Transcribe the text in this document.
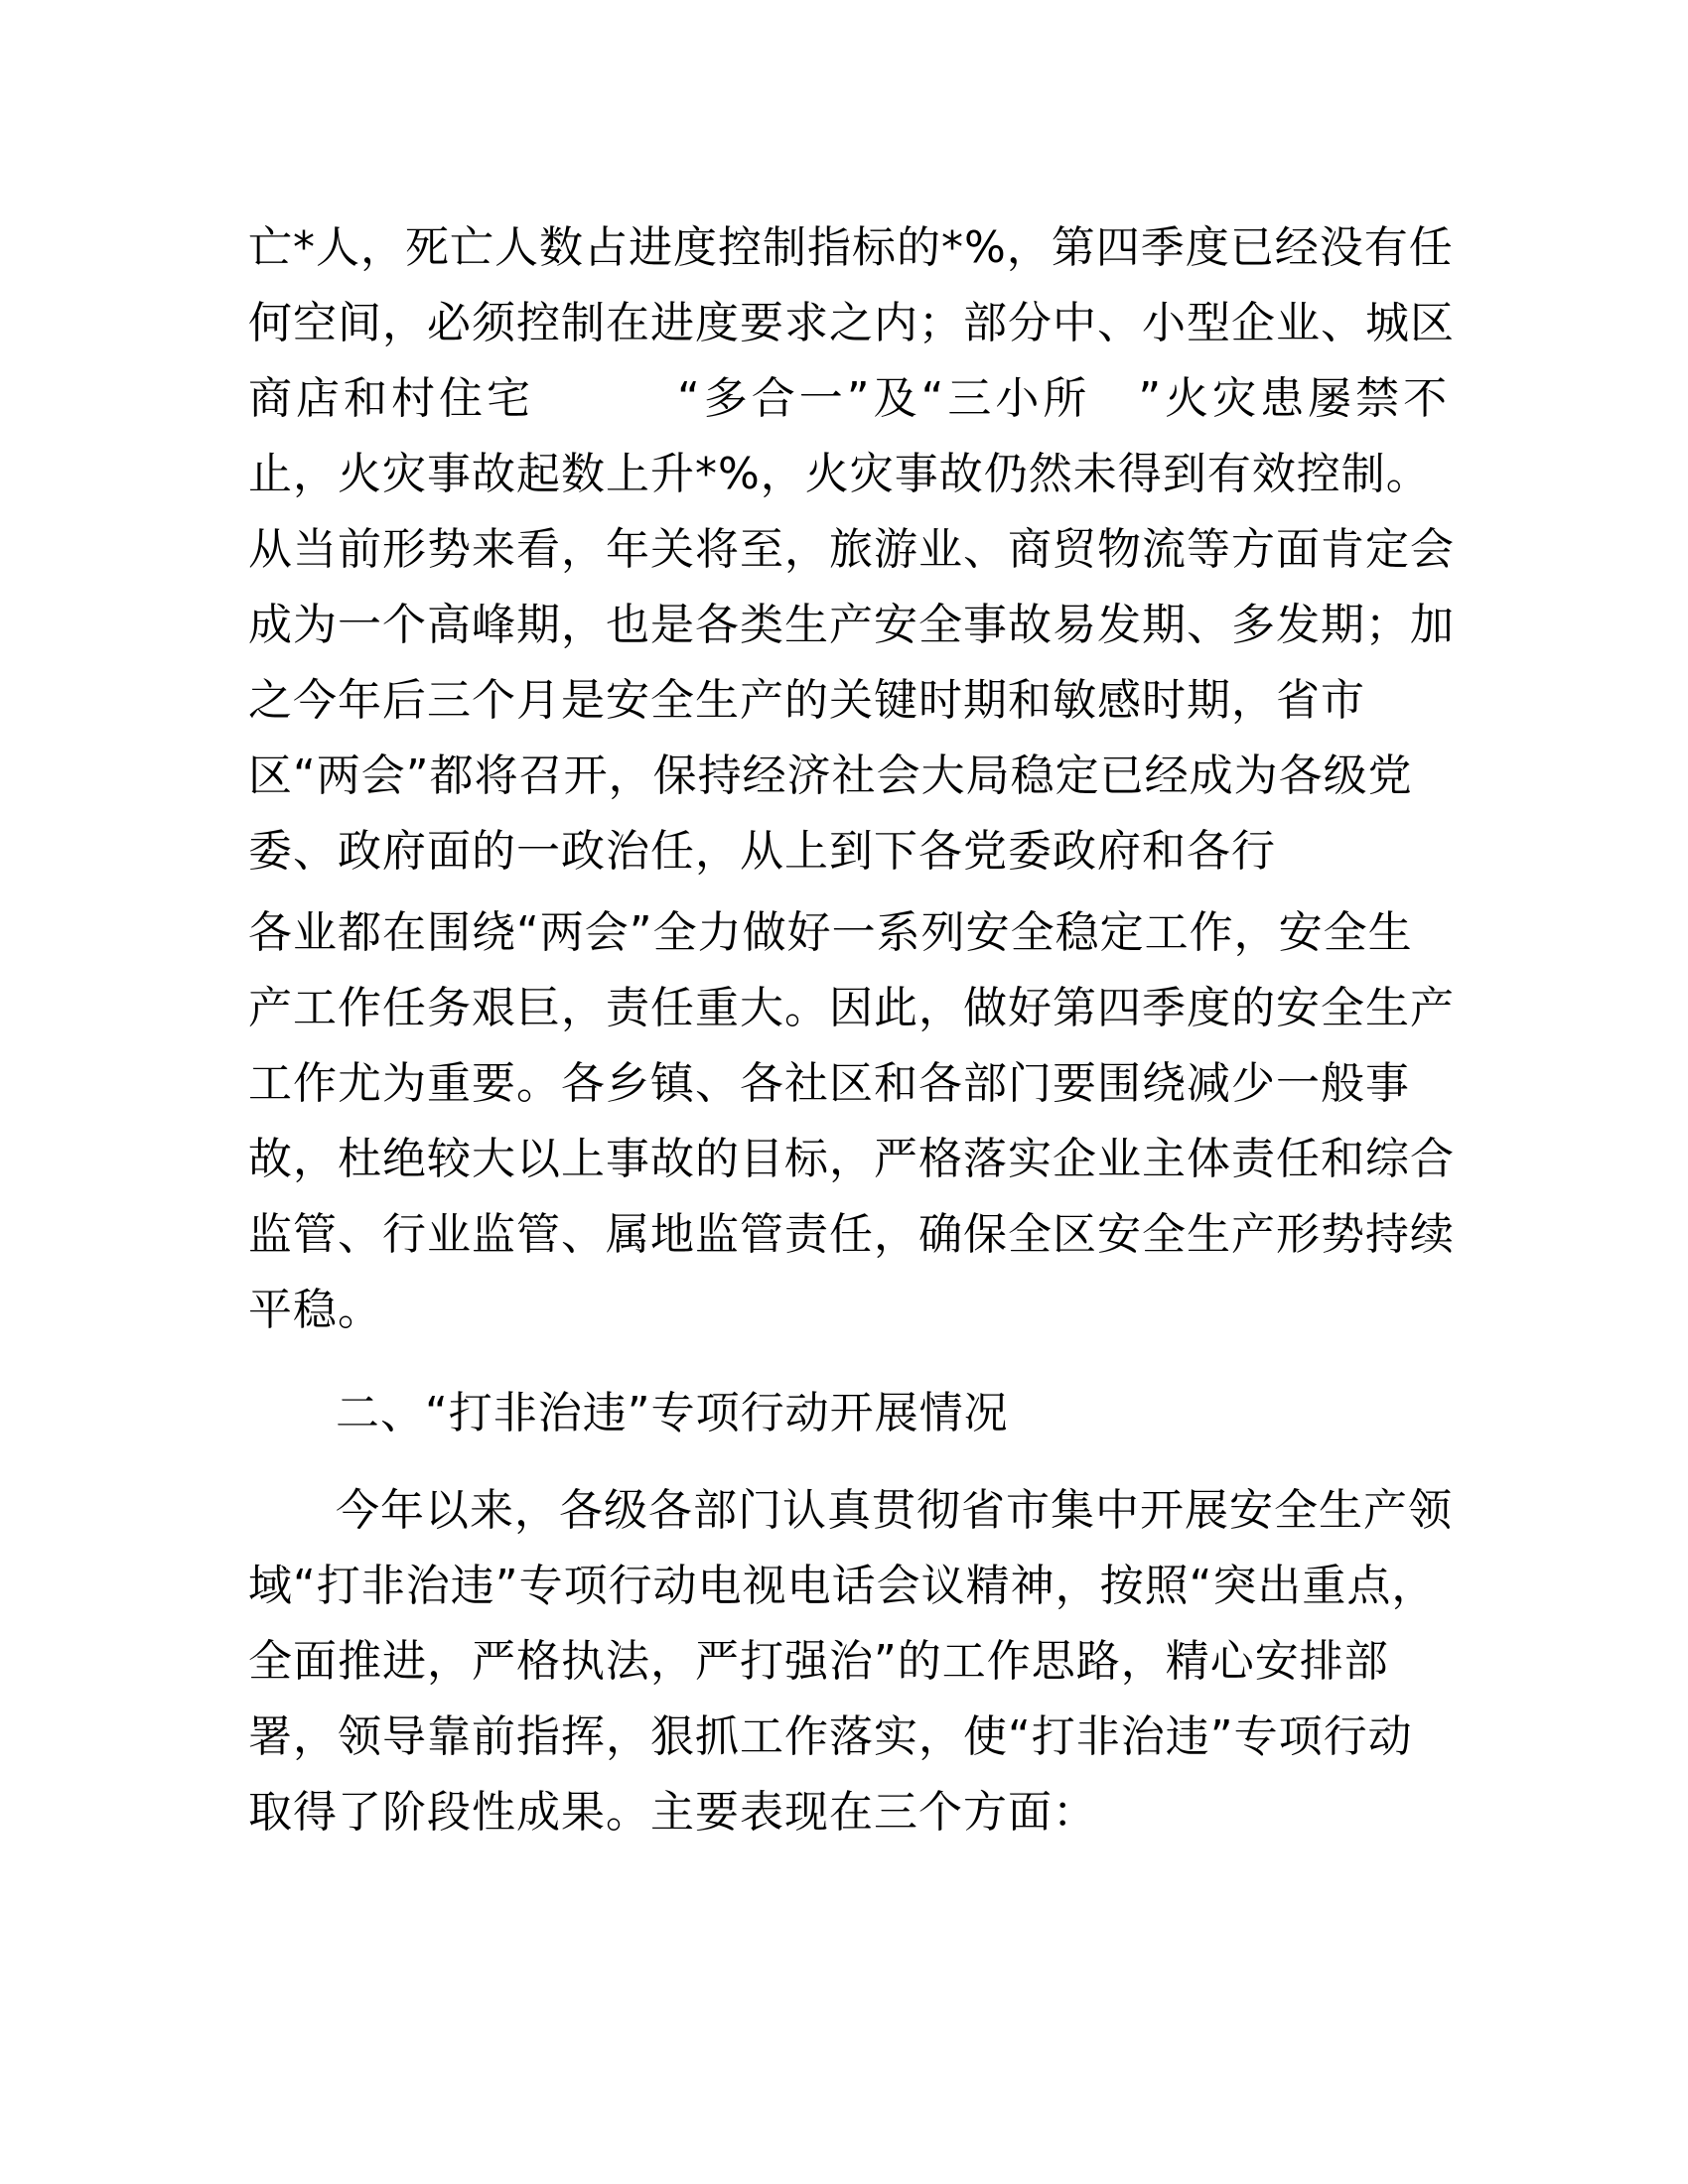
亡*人，死亡人数占进度控制指标的*%，第四季度已经没有任
何空间，必须控制在进度要求之内；部分中、小型企业、城区
商店和村住宅　　　“多合一”及“三小所　”火灾患屡禁不
止，火灾事故起数上升*%，火灾事故仍然未得到有效控制。
从当前形势来看，年关将至，旅游业、商贸物流等方面肯定会
成为一个高峰期，也是各类生产安全事故易发期、多发期；加
之今年后三个月是安全生产的关键时期和敏感时期，省市
区“两会”都将召开，保持经济社会大局稳定已经成为各级党
委、政府面的一政治任，从上到下各党委政府和各行
各业都在围绕“两会”全力做好一系列安全稳定工作，安全生
产工作任务艰巨，责任重大。因此，做好第四季度的安全生产
工作尤为重要。各乡镇、各社区和各部门要围绕减少一般事
故，杜绝较大以上事故的目标，严格落实企业主体责任和综合
监管、行业监管、属地监管责任，确保全区安全生产形势持续
平稳。
二、“打非治违”专项行动开展情况
今年以来，各级各部门认真贯彻省市集中开展安全生产领
域“打非治违”专项行动电视电话会议精神，按照“突出重点，
全面推进，严格执法，严打强治”的工作思路，精心安排部
署，领导靠前指挥，狠抓工作落实，使“打非治违”专项行动
取得了阶段性成果。主要表现在三个方面：
